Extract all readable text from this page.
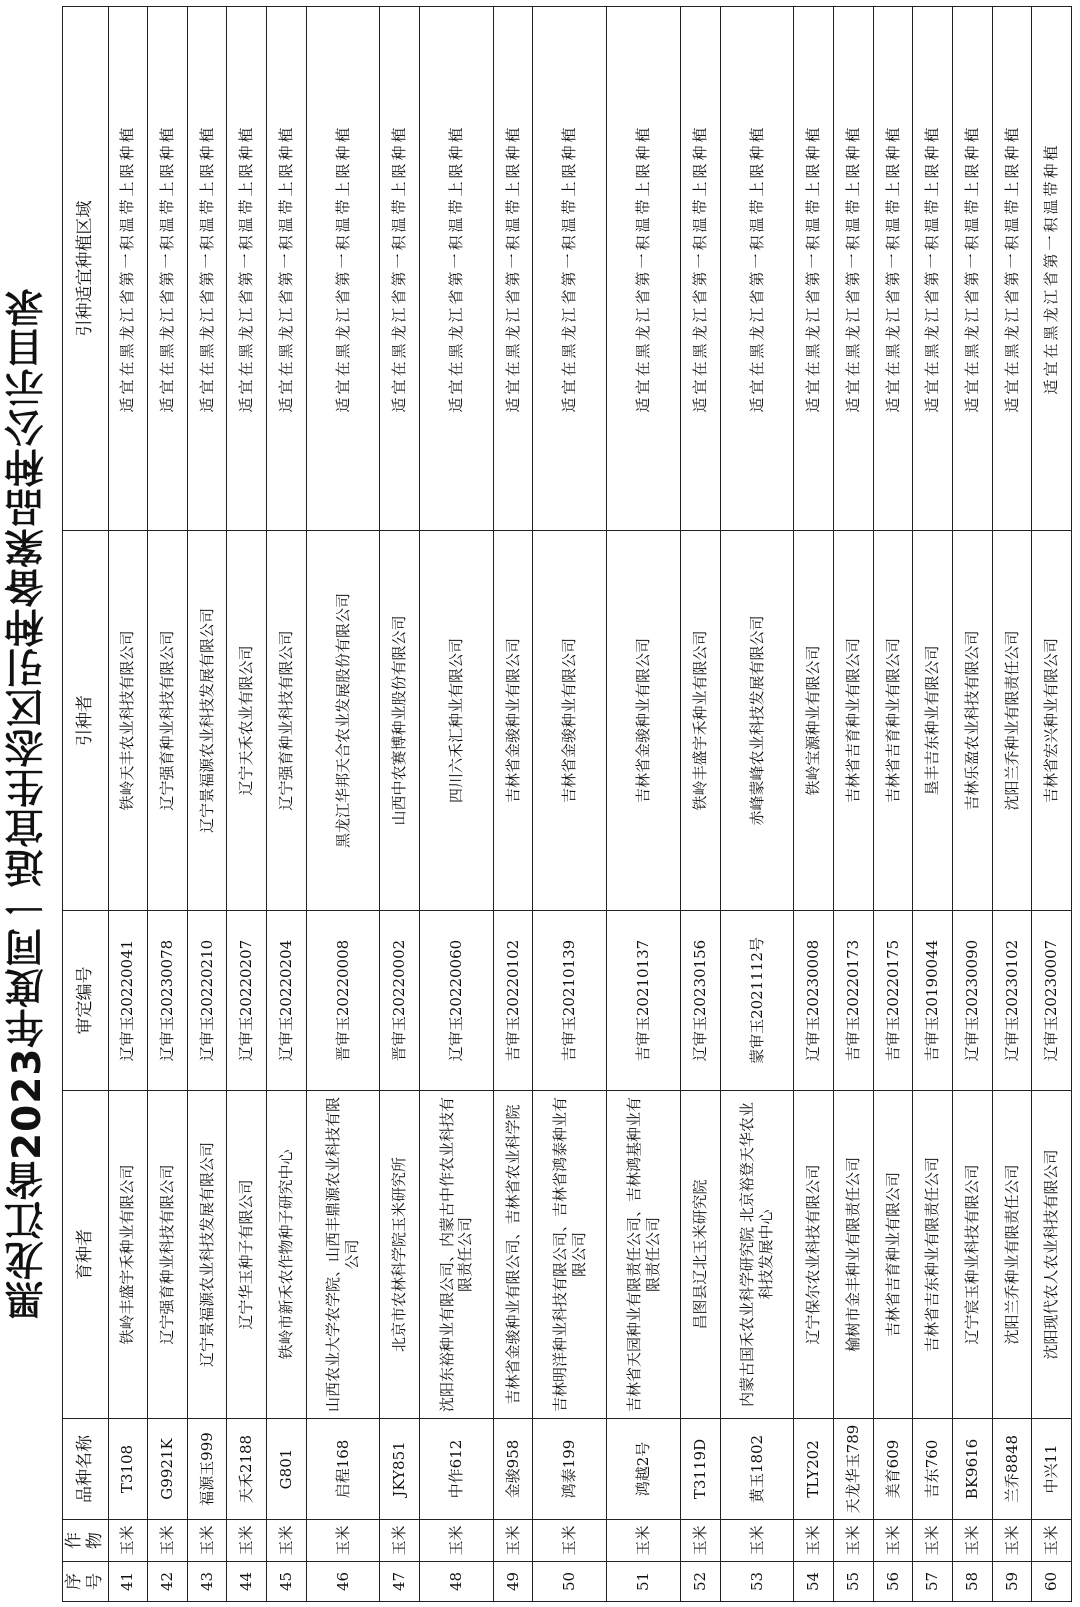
黑龙江省2023年度同一适宜生态区引种备案品种公示目录
序号	作物	品种名称	育种者	审定编号	引种者	引种适宜种植区域
41	玉米	T3108	铁岭丰盛宇禾种业有限公司	辽审玉20220041	铁岭天丰农业科技有限公司	适宜在黑龙江省第一积温带上限种植
42	玉米	G9921K	辽宁强育种业科技有限公司	辽审玉20230078	辽宁强育种业科技有限公司	适宜在黑龙江省第一积温带上限种植
43	玉米	福源玉999	辽宁景福源农业科技发展有限公司	辽审玉20220210	辽宁景福源农业科技发展有限公司	适宜在黑龙江省第一积温带上限种植
44	玉米	天禾2188	辽宁华玉种子有限公司	辽审玉20220207	辽宁天禾农业有限公司	适宜在黑龙江省第一积温带上限种植
45	玉米	G801	铁岭市新禾农作物种子研究中心	辽审玉20220204	辽宁强育种业科技有限公司	适宜在黑龙江省第一积温带上限种植
46	玉米	启程168	山西农业大学农学院、山西丰鼎源农业科技有限公司	晋审玉20220008	黑龙江华邦天合农业发展股份有限公司	适宜在黑龙江省第一积温带上限种植
47	玉米	JKY851	北京市农林科学院玉米研究所	晋审玉20220002	山西中农赛博种业股份有限公司	适宜在黑龙江省第一积温带上限种植
48	玉米	中作612	沈阳东裕种业有限公司、内蒙古中作农业科技有限责任公司	辽审玉20220060	四川六禾汇种业有限公司	适宜在黑龙江省第一积温带上限种植
49	玉米	金骏958	吉林省金骏种业有限公司、吉林省农业科学院	吉审玉20220102	吉林省金骏种业有限公司	适宜在黑龙江省第一积温带上限种植
50	玉米	鸿泰199	吉林明洋种业科技有限公司、吉林省鸿泰种业有限公司	吉审玉20210139	吉林省金骏种业有限公司	适宜在黑龙江省第一积温带上限种植
51	玉米	鸿越2号	吉林省天园种业有限责任公司、吉林鸿基种业有限责任公司	吉审玉20210137	吉林省金骏种业有限公司	适宜在黑龙江省第一积温带上限种植
52	玉米	T3119D	昌图县辽北玉米研究院	辽审玉20230156	铁岭丰盛宇禾种业有限公司	适宜在黑龙江省第一积温带上限种植
53	玉米	黄玉1802	内蒙古国禾农业科学研究院 北京裕登天华农业科技发展中心	蒙审玉2021112号	赤峰蒙峰农业科技发展有限公司	适宜在黑龙江省第一积温带上限种植
54	玉米	TLY202	辽宁保尔农业科技有限公司	辽审玉20230008	铁岭宝源种业有限公司	适宜在黑龙江省第一积温带上限种植
55	玉米	天龙华玉789	榆树市金丰种业有限责任公司	吉审玉20220173	吉林省吉育种业有限公司	适宜在黑龙江省第一积温带上限种植
56	玉米	美育609	吉林省吉育种业有限公司	吉审玉20220175	吉林省吉育种业有限公司	适宜在黑龙江省第一积温带上限种植
57	玉米	吉东760	吉林省吉东种业有限责任公司	吉审玉20190044	垦丰吉东种业有限公司	适宜在黑龙江省第一积温带上限种植
58	玉米	BK9616	辽宁宸玉种业科技有限公司	辽审玉20230090	吉林乐盈农业科技有限公司	适宜在黑龙江省第一积温带上限种植
59	玉米	兰乔8848	沈阳兰乔种业有限责任公司	辽审玉20230102	沈阳兰乔种业有限责任公司	适宜在黑龙江省第一积温带上限种植
60	玉米	中兴11	沈阳现代农人农业科技有限公司	辽审玉20230007	吉林省宏兴种业有限公司	适宜在黑龙江省第一积温带种植
